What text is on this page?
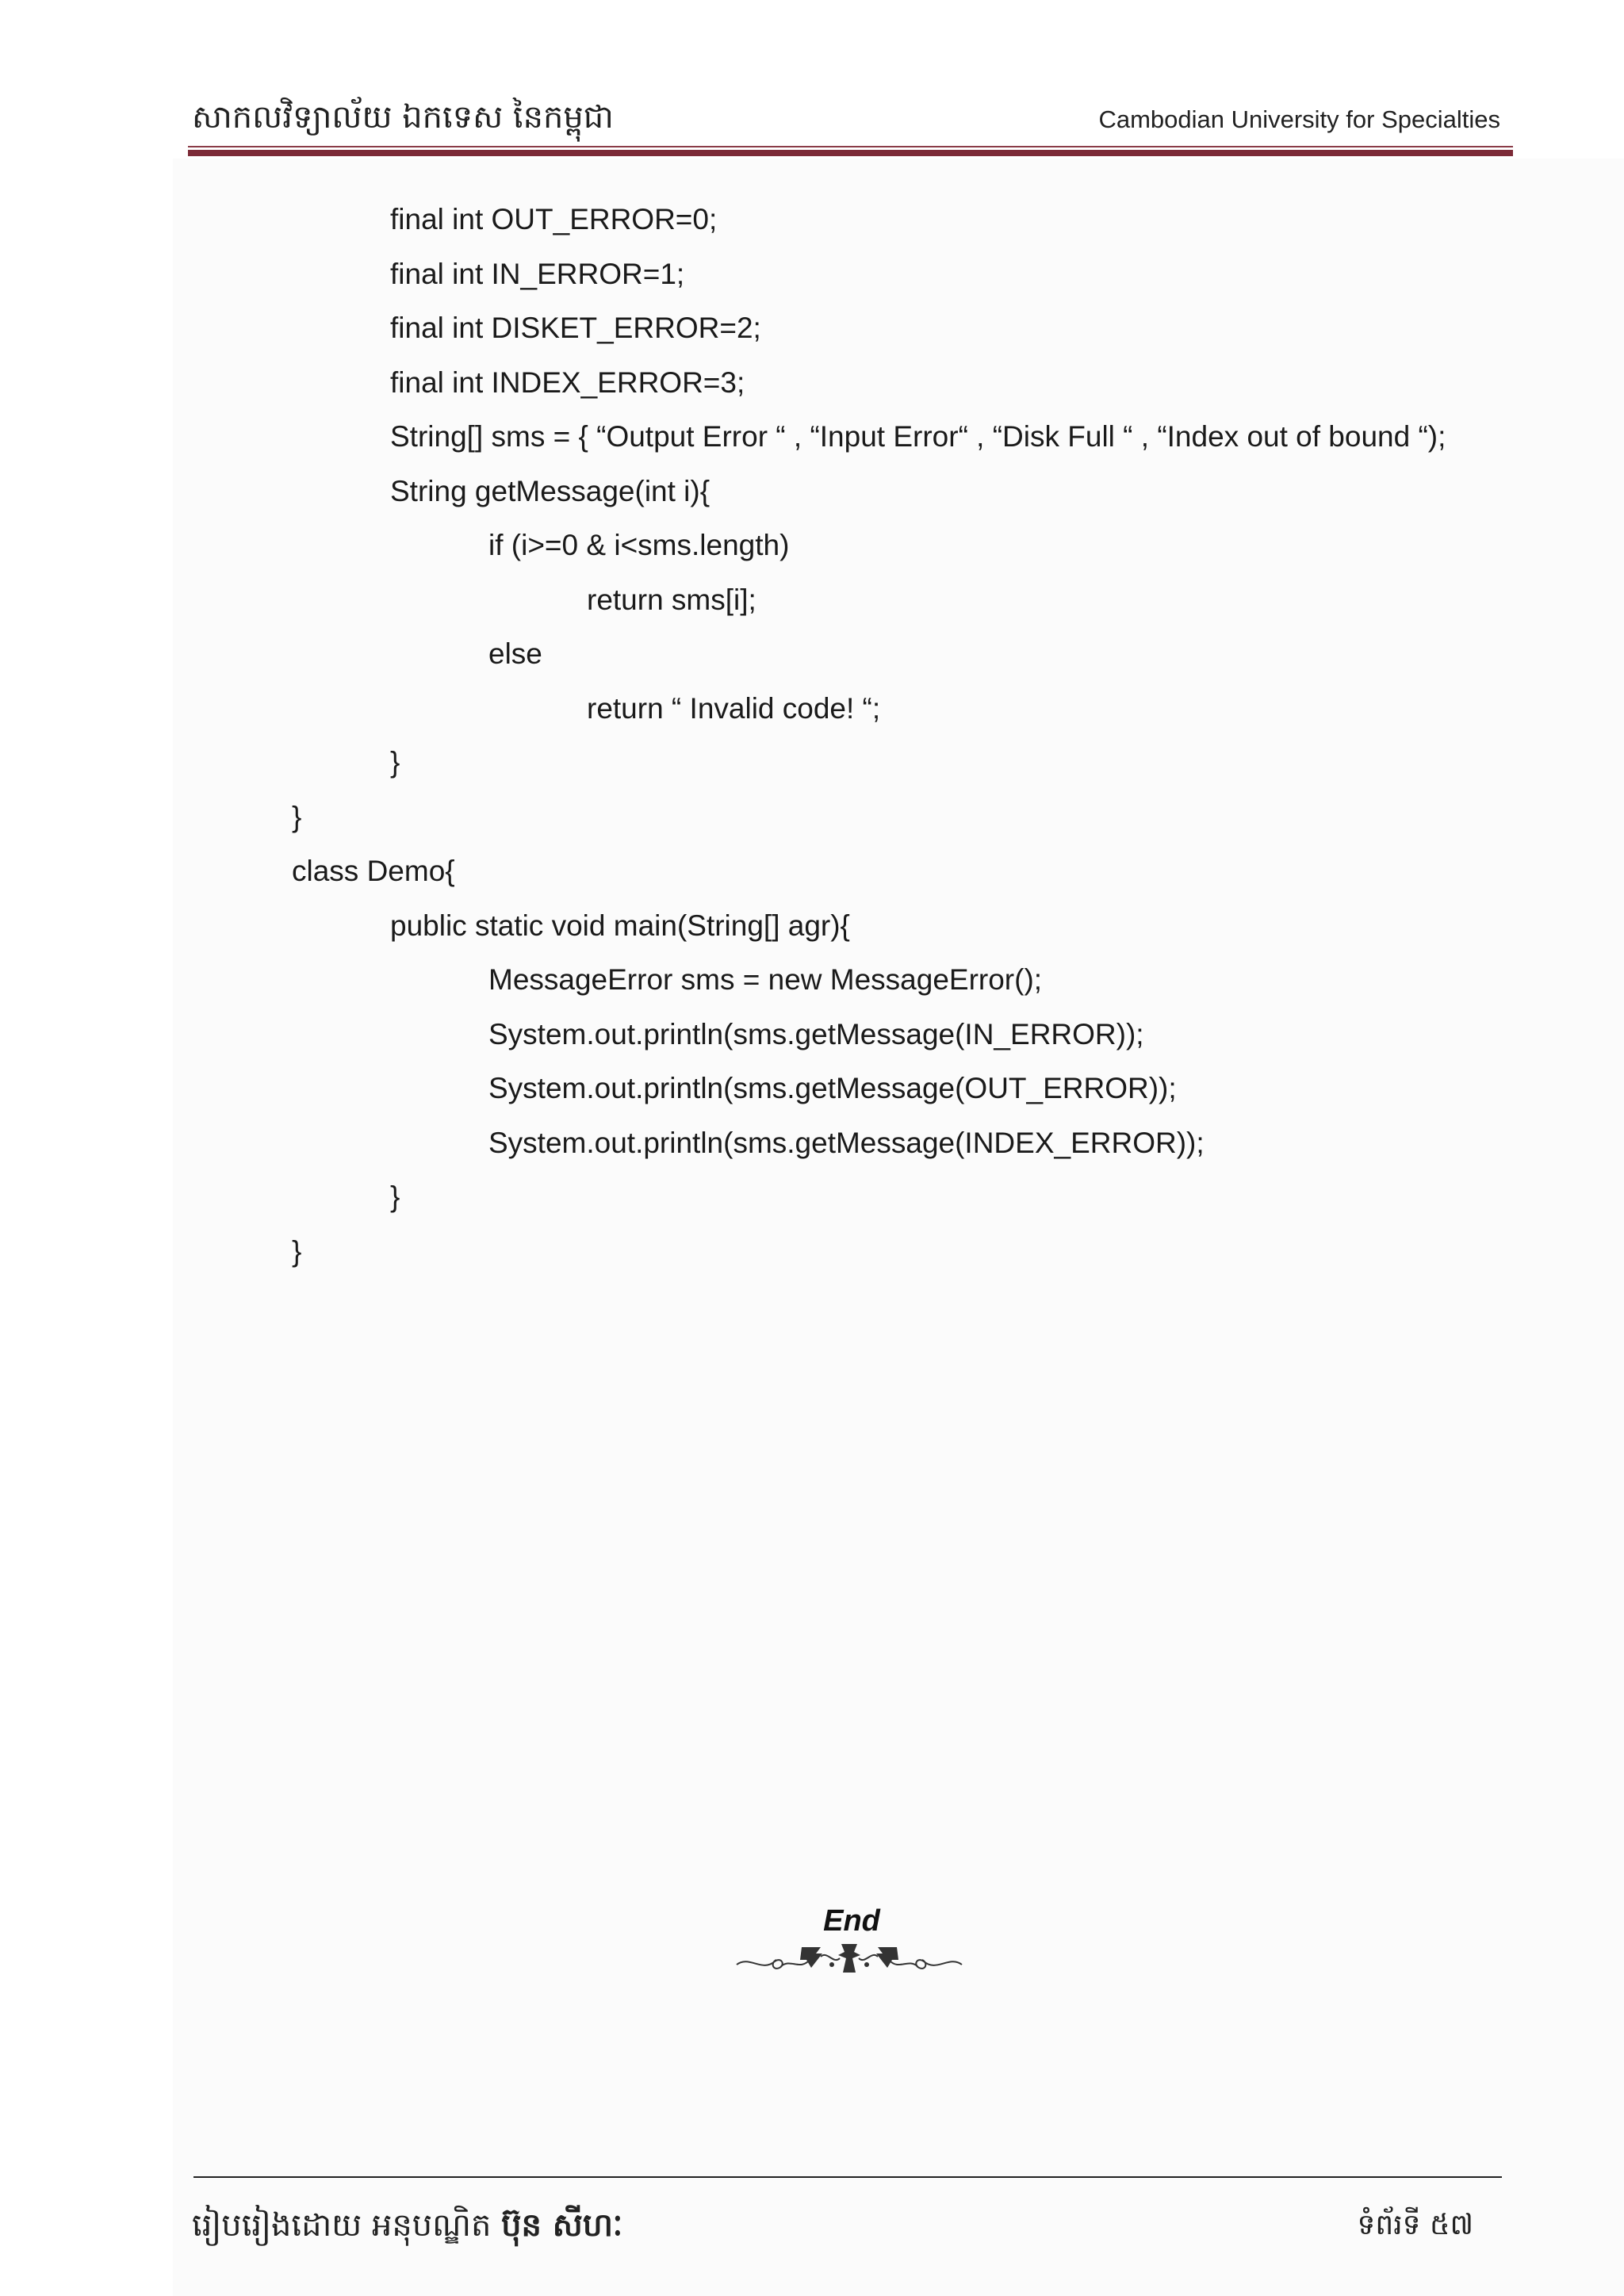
សាកលវិទ្យាល័យ ឯកទេស នៃកម្ពុជា	Cambodian University for Specialties
final int OUT_ERROR=0;
final int IN_ERROR=1;
final int DISKET_ERROR=2;
final int INDEX_ERROR=3;
String[] sms = { “Output Error “ , “Input Error“ , “Disk Full “ , “Index out of bound “);
String getMessage(int i){
if (i>=0 & i<sms.length)
return sms[i];
else
return “ Invalid code! “;
}
}
class Demo{
public static void main(String[] agr){
MessageError sms = new MessageError();
System.out.println(sms.getMessage(IN_ERROR));
System.out.println(sms.getMessage(OUT_ERROR));
System.out.println(sms.getMessage(INDEX_ERROR));
}
}
End
រៀបរៀងដោយ អនុបណ្ឌិត ប៊ុន សីហៈ	ទំព័រទី ៥៧
